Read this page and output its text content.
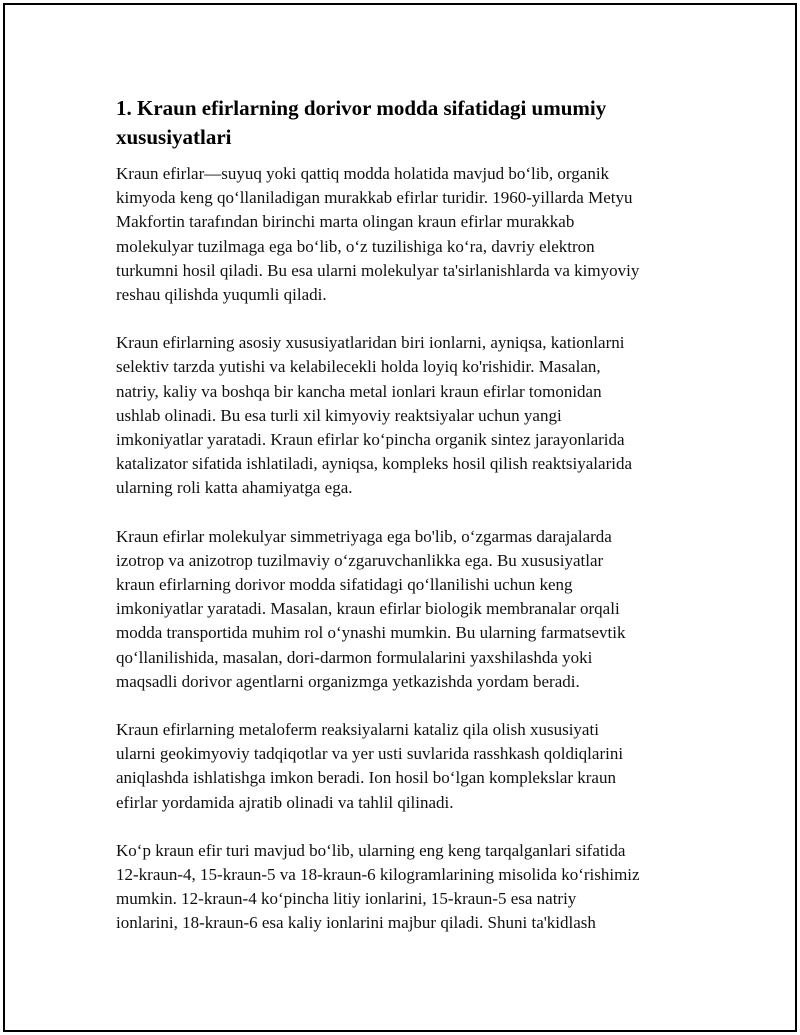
1. Kraun efirlarning dorivor modda sifatidagi umumiy
xususiyatlari

Kraun efirlar—suyuq yoki qattiq modda holatida mavjud bo‘lib, organik
kimyoda keng qo‘llaniladigan murakkab efirlar turidir. 1960-yillarda Metyu
Makfortin tarafından birinchi marta olingan kraun efirlar murakkab
molekulyar tuzilmaga ega bo‘lib, o‘z tuzilishiga ko‘ra, davriy elektron
turkumni hosil qiladi. Bu esa ularni molekulyar ta'sirlanishlarda va kimyoviy
reshau qilishda yuqumli qiladi.

Kraun efirlarning asosiy xususiyatlaridan biri ionlarni, ayniqsa, kationlarni
selektiv tarzda yutishi va kelabilecekli holda loyiq ko'rishidir. Masalan,
natriy, kaliy va boshqa bir kancha metal ionlari kraun efirlar tomonidan
ushlab olinadi. Bu esa turli xil kimyoviy reaktsiyalar uchun yangi
imkoniyatlar yaratadi. Kraun efirlar ko‘pincha organik sintez jarayonlarida
katalizator sifatida ishlatiladi, ayniqsa, kompleks hosil qilish reaktsiyalarida
ularning roli katta ahamiyatga ega.

Kraun efirlar molekulyar simmetriyaga ega bo'lib, o‘zgarmas darajalarda
izotrop va anizotrop tuzilmaviy o‘zgaruvchanlikka ega. Bu xususiyatlar
kraun efirlarning dorivor modda sifatidagi qo‘llanilishi uchun keng
imkoniyatlar yaratadi. Masalan, kraun efirlar biologik membranalar orqali
modda transportida muhim rol o‘ynashi mumkin. Bu ularning farmatsevtik
qo‘llanilishida, masalan, dori-darmon formulalarini yaxshilashda yoki
maqsadli dorivor agentlarni organizmga yetkazishda yordam beradi.

Kraun efirlarning metaloferm reaksiyalarni kataliz qila olish xususiyati
ularni geokimyoviy tadqiqotlar va yer usti suvlarida rasshkash qoldiqlarini
aniqlashda ishlatishga imkon beradi. Ion hosil bo‘lgan komplekslar kraun
efirlar yordamida ajratib olinadi va tahlil qilinadi.

Ko‘p kraun efir turi mavjud bo‘lib, ularning eng keng tarqalganlari sifatida
12-kraun-4, 15-kraun-5 va 18-kraun-6 kilogramlarining misolida ko‘rishimiz
mumkin. 12-kraun-4 ko‘pincha litiy ionlarini, 15-kraun-5 esa natriy
ionlarini, 18-kraun-6 esa kaliy ionlarini majbur qiladi. Shuni ta'kidlash
